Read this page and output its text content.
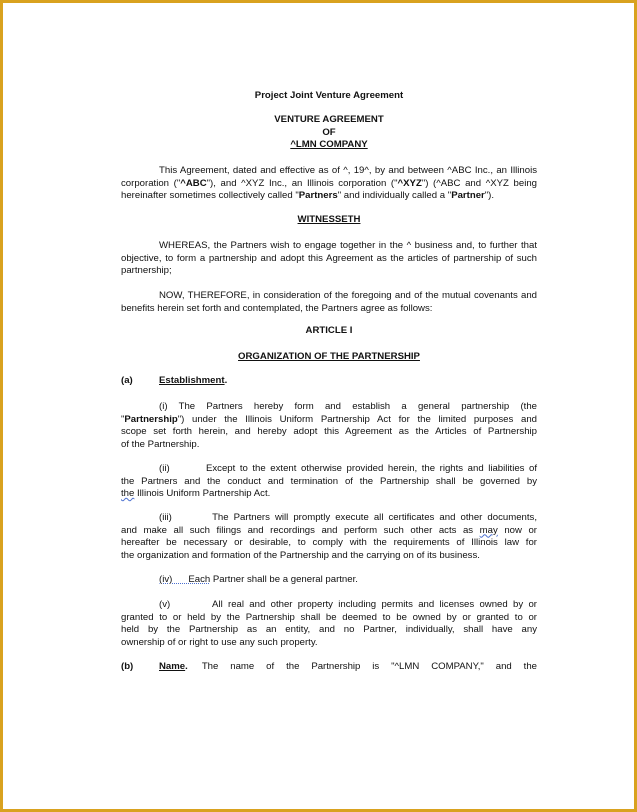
Project Joint Venture Agreement
VENTURE AGREEMENT
OF
^LMN COMPANY
This Agreement, dated and effective as of ^, 19^, by and between ^ABC Inc., an Illinois
corporation ("^ABC"), and ^XYZ Inc., an Illinois corporation ("^XYZ") (^ABC and ^XYZ being
hereinafter sometimes collectively called "Partners" and individually called a "Partner").
WITNESSETH
WHEREAS, the Partners wish to engage together in the ^ business and, to further that
objective, to form a partnership and adopt this Agreement as the articles of partnership of such
partnership;
NOW, THEREFORE, in consideration of the foregoing and of the mutual covenants and
benefits herein set forth and contemplated, the Partners agree as follows:
ARTICLE I
ORGANIZATION OF THE PARTNERSHIP
(a)	Establishment.
(i) The Partners hereby form and establish a general partnership (the
"Partnership") under the Illinois Uniform Partnership Act for the limited purposes and
scope set forth herein, and hereby adopt this Agreement as the Articles of Partnership
of the Partnership.
(ii)        Except to the extent otherwise provided herein, the rights and liabilities of
the Partners and the conduct and termination of the Partnership shall be governed by
the Illinois Uniform Partnership Act.
(iii)        The Partners will promptly execute all certificates and other documents,
and make all such filings and recordings and perform such other acts as may now or
hereafter be necessary or desirable, to comply with the requirements of Illinois law for
the organization and formation of the Partnership and the carrying on of its business.
(iv) Each Partner shall be a general partner.
(v)        All real and other property including permits and licenses owned by or
granted to or held by the Partnership shall be deemed to be owned by or granted to or
held by the Partnership as an entity, and no Partner, individually, shall have any
ownership of or right to use any such property.
(b)	Name. The name of the Partnership is "^LMN COMPANY," and the
